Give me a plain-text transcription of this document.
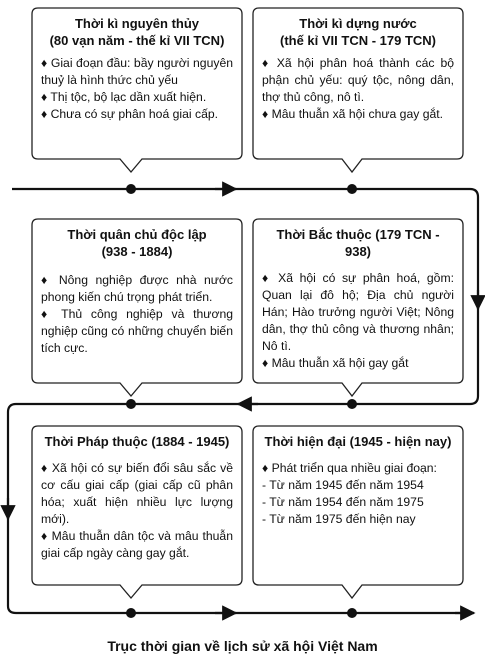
Thời kì nguyên thủy
(80 vạn năm - thế kỉ VII TCN)

♦ Giai đoạn đầu: bầy người nguyên thuỷ là hình thức chủ yếu

♦ Thị tộc, bộ lạc dần xuất hiện.

♦ Chưa có sự phân hoá giai cấp.

Thời kì dựng nước
(thế kỉ VII TCN - 179 TCN)

♦ Xã hội phân hoá thành các bộ phận chủ yếu: quý tộc, nông dân, thợ thủ công, nô tì.

♦ Mâu thuẫn xã hội chưa gay gắt.

Thời Bắc thuộc (179 TCN - 938)

♦ Xã hội có sự phân hoá, gồm: Quan lại đô hộ; Địa chủ người Hán; Hào trưởng người Việt; Nông dân, thợ thủ công và thương nhân; Nô tì.

♦ Mâu thuẫn xã hội gay gắt

Thời quân chủ độc lập
(938 - 1884)

♦ Nông nghiệp được nhà nước phong kiến chú trọng phát triển.

♦ Thủ công nghiệp và thương nghiệp cũng có những chuyển biến tích cực.

Thời Pháp thuộc (1884 - 1945)

♦ Xã hội có sự biến đổi sâu sắc về cơ cấu giai cấp (giai cấp cũ phân hóa; xuất hiện nhiều lực lượng mới).

♦ Mâu thuẫn dân tộc và mâu thuẫn giai cấp ngày càng gay gắt.

Thời hiện đại (1945 - hiện nay)

♦ Phát triển qua nhiều giai đoạn:

- Từ năm 1945 đến năm 1954

- Từ năm 1954 đến năm 1975

- Từ năm 1975 đến hiện nay

Trục thời gian về lịch sử xã hội Việt Nam
